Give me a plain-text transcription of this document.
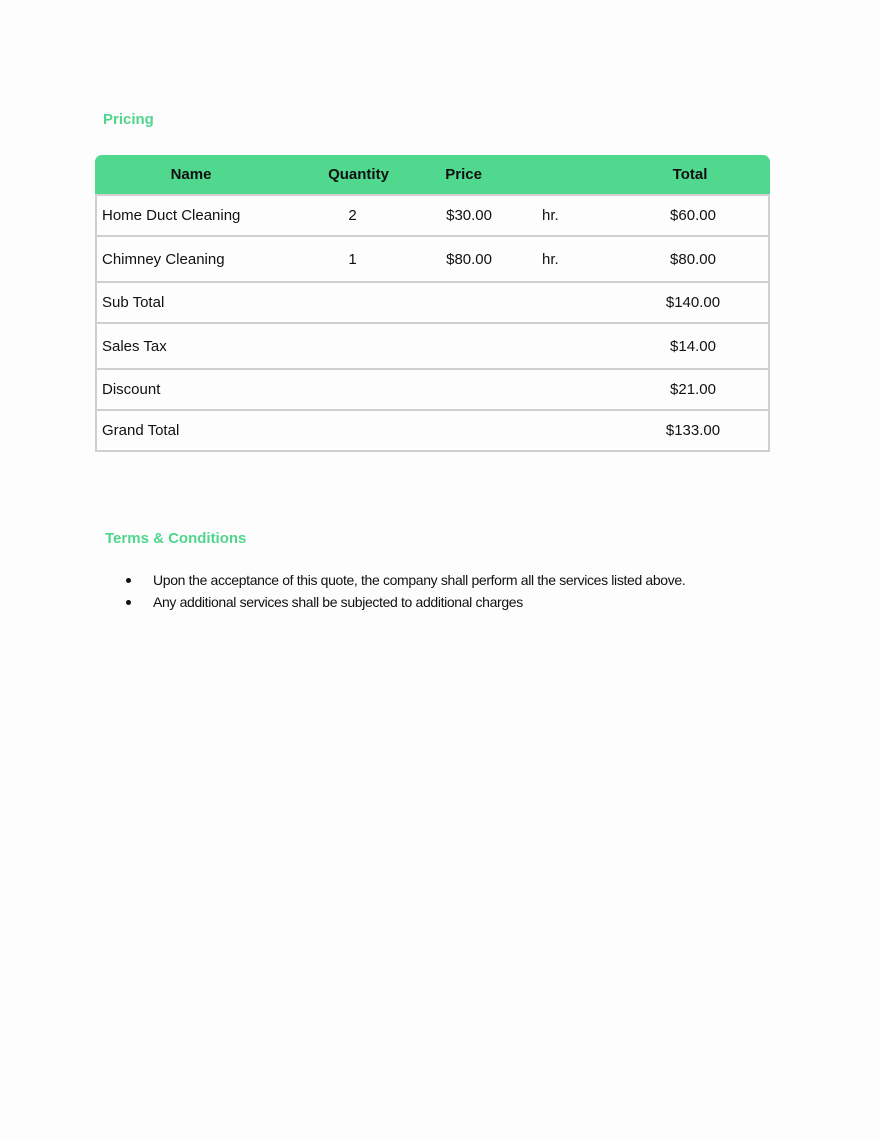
Pricing
Name	Quantity	Price		Total
Home Duct Cleaning	2	$30.00	hr.	$60.00
Chimney Cleaning	1	$80.00	hr.	$80.00
Sub Total				$140.00
Sales Tax				$14.00
Discount				$21.00
Grand Total				$133.00
Terms & Conditions
Upon the acceptance of this quote, the company shall perform all the services listed above.
Any additional services shall be subjected to additional charges
